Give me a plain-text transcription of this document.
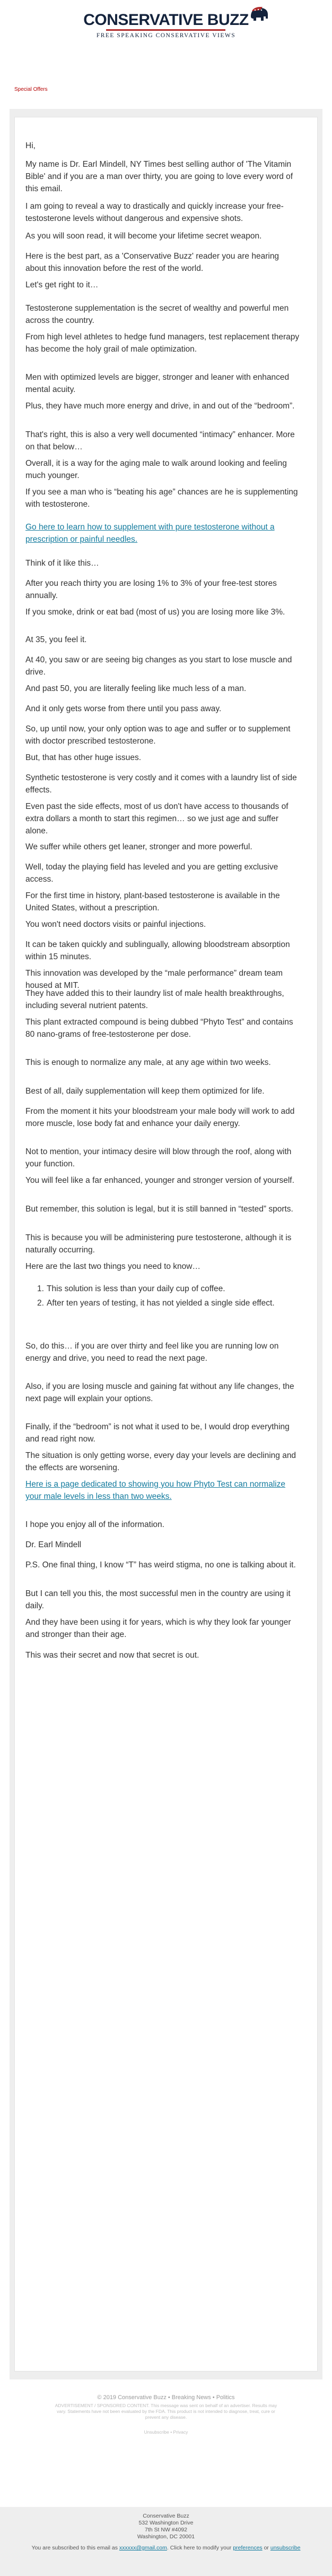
CONSERVATIVE BUZZ
FREE SPEAKING CONSERVATIVE VIEWS
Special Offers
Hi,
My name is Dr. Earl Mindell, NY Times best selling author of 'The Vitamin Bible' and if you are a man over thirty, you are going to love every word of this email.
I am going to reveal a way to drastically and quickly increase your free-testosterone levels without dangerous and expensive shots.
As you will soon read, it will become your lifetime secret weapon.
Here is the best part, as a 'Conservative Buzz' reader you are hearing about this innovation before the rest of the world.
Let's get right to it…
Testosterone supplementation is the secret of wealthy and powerful men across the country.
From high level athletes to hedge fund managers, test replacement therapy has become the holy grail of male optimization.
Men with optimized levels are bigger, stronger and leaner with enhanced mental acuity.
Plus, they have much more energy and drive, in and out of the “bedroom”.
That's right, this is also a very well documented “intimacy” enhancer. More on that below…
Overall, it is a way for the aging male to walk around looking and feeling much younger.
If you see a man who is “beating his age” chances are he is supplementing with testosterone.
Go here to learn how to supplement with pure testosterone without a prescription or painful needles.
Think of it like this…
After you reach thirty you are losing 1% to 3% of your free-test stores annually.
If you smoke, drink or eat bad (most of us) you are losing more like 3%.
At 35, you feel it.
At 40, you saw or are seeing big changes as you start to lose muscle and drive.
And past 50, you are literally feeling like much less of a man.
And it only gets worse from there until you pass away.
So, up until now, your only option was to age and suffer or to supplement with doctor prescribed testosterone.
But, that has other huge issues.
Synthetic testosterone is very costly and it comes with a laundry list of side effects.
Even past the side effects, most of us don't have access to thousands of extra dollars a month to start this regimen… so we just age and suffer alone.
We suffer while others get leaner, stronger and more powerful.
Well, today the playing field has leveled and you are getting exclusive access.
For the first time in history, plant-based testosterone is available in the United States, without a prescription.
You won't need doctors visits or painful injections.
It can be taken quickly and sublingually, allowing bloodstream absorption within 15 minutes.
This innovation was developed by the “male performance” dream team housed at MIT.
They have added this to their laundry list of male health breakthroughs, including several nutrient patents.
This plant extracted compound is being dubbed “Phyto Test” and contains 80 nano-grams of free-testosterone per dose.
This is enough to normalize any male, at any age within two weeks.
Best of all, daily supplementation will keep them optimized for life.
From the moment it hits your bloodstream your male body will work to add more muscle, lose body fat and enhance your daily energy.
Not to mention, your intimacy desire will blow through the roof, along with your function.
You will feel like a far enhanced, younger and stronger version of yourself.
But remember, this solution is legal, but it is still banned in “tested” sports.
This is because you will be administering pure testosterone, although it is naturally occurring.
Here are the last two things you need to know…
1. This solution is less than your daily cup of coffee.
2. After ten years of testing, it has not yielded a single side effect.
So, do this… if you are over thirty and feel like you are running low on energy and drive, you need to read the next page.
Also, if you are losing muscle and gaining fat without any life changes, the next page will explain your options.
Finally, if the “bedroom” is not what it used to be, I would drop everything and read right now.
The situation is only getting worse, every day your levels are declining and the effects are worsening.
Here is a page dedicated to showing you how Phyto Test can normalize your male levels in less than two weeks.
I hope you enjoy all of the information.
Dr. Earl Mindell
P.S. One final thing, I know “T” has weird stigma, no one is talking about it.
But I can tell you this, the most successful men in the country are using it daily.
And they have been using it for years, which is why they look far younger and stronger than their age.
This was their secret and now that secret is out.
© 2019 Conservative Buzz • Breaking News • Politics
ADVERTISEMENT / SPONSORED CONTENT. This message was sent on behalf of an advertiser. Results may vary. Statements have not been evaluated by the FDA. This product is not intended to diagnose, treat, cure or prevent any disease.
Unsubscribe • Privacy
Conservative Buzz
532 Washington Drive
7th St NW #4092
Washington, DC 20001
You are subscribed to this email as xxxxxx@gmail.com. Click here to modify your preferences or unsubscribe
